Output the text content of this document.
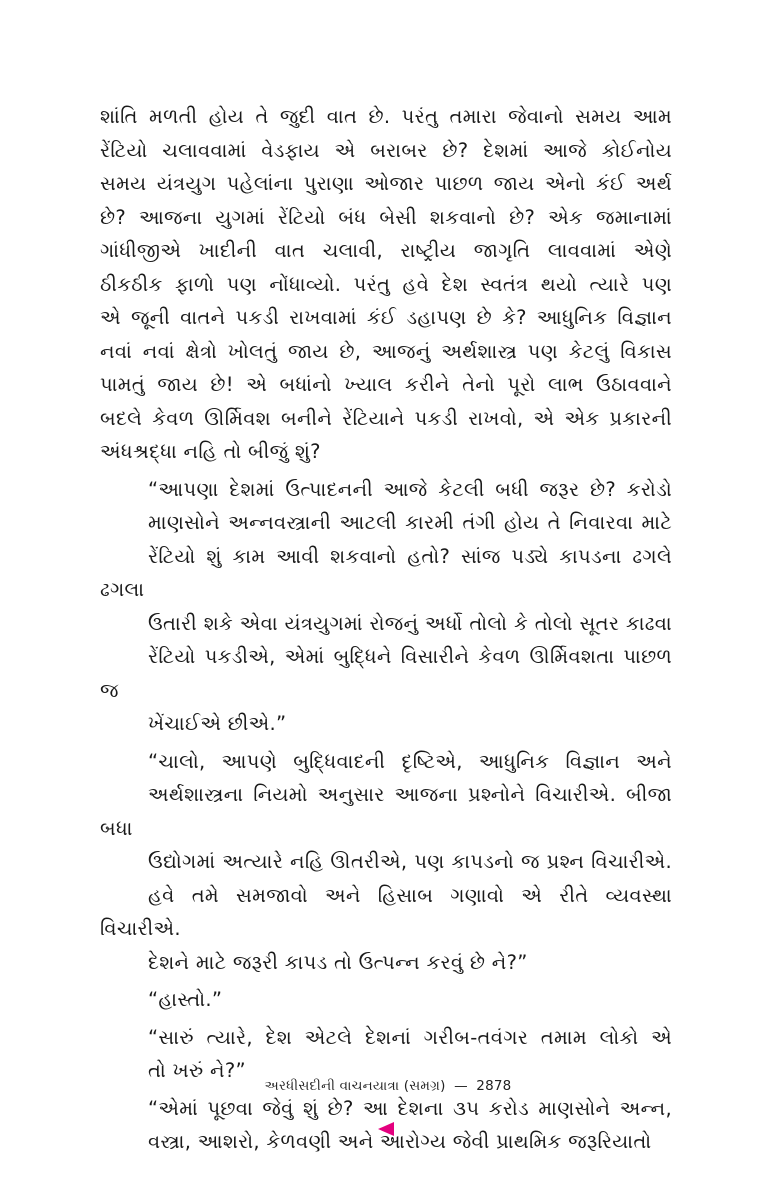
શાંતિ મળતી હોય તે જુદી વાત છે. પરંતુ તમારા જેવાનો સમય આમ
રેંટિયો ચલાવવામાં વેડફાય એ બરાબર છે? દેશમાં આજે કોઈનોય
સમય યંત્રયુગ પહેલાંના પુરાણા ઓજાર પાછળ જાય એનો કંઈ અર્થ
છે? આજના યુગમાં રેંટિયો બંધ બેસી શકવાનો છે? એક જમાનામાં
ગાંધીજીએ ખાદીની વાત ચલાવી, રાષ્ટ્રીય જાગૃતિ લાવવામાં એણે
ઠીકઠીક ફાળો પણ નોંધાવ્યો. પરંતુ હવે દેશ સ્વતંત્ર થયો ત્યારે પણ
એ જૂની વાતને પકડી રાખવામાં કંઈ ડહાપણ છે કે? આધુનિક વિજ્ઞાન
નવાં નવાં ક્ષેત્રો ખોલતું જાય છે, આજનું અર્થશાસ્ત્ર પણ કેટલું વિકાસ
પામતું જાય છે! એ બધાંનો ખ્યાલ કરીને તેનો પૂરો લાભ ઉઠાવવાને
બદલે કેવળ ઊર્મિવશ બનીને રેંટિયાને પકડી રાખવો, એ એક પ્રકારની
અંધશ્રદ્ધા નહિ તો બીજું શું?

“આપણા દેશમાં ઉત્પાદનની આજે કેટલી બધી જરૂર છે? કરોડો
માણસોને અન્નવસ્ત્રાની આટલી કારમી તંગી હોય તે નિવારવા માટે
રેંટિયો શું કામ આવી શકવાનો હતો? સાંજ પડ્યે કાપડના ઢગલે ઢગલા
ઉતારી શકે એવા યંત્રયુગમાં રોજનું અર્ધો તોલો કે તોલો સૂતર કાઢવા
રેંટિયો પકડીએ, એમાં બુદ્ધિને વિસારીને કેવળ ઊર્મિવશતા પાછળ જ
ખેંચાઈએ છીએ.”

“ચાલો, આપણે બુદ્ધિવાદની દૃષ્ટિએ, આધુનિક વિજ્ઞાન અને
અર્થશાસ્ત્રના નિયમો અનુસાર આજના પ્રશ્નોને વિચારીએ. બીજા બધા
ઉદ્યોગમાં અત્યારે નહિ ઊતરીએ, પણ કાપડનો જ પ્રશ્ન વિચારીએ.
હવે તમે સમજાવો અને હિસાબ ગણાવો એ રીતે વ્યવસ્થા વિચારીએ.
દેશને માટે જરૂરી કાપડ તો ઉત્પન્ન કરવું છે ને?”

“હાસ્તો.”

“સારું ત્યારે, દેશ એટલે દેશનાં ગરીબ-તવંગર તમામ લોકો એ
તો ખરું ને?”

“એમાં પૂછવા જેવું શું છે? આ દેશના ૩૫ કરોડ માણસોને અન્ન,
વસ્ત્રા, આશરો, કેળવણી અને આરોગ્ય જેવી પ્રાથમિક જરૂરિયાતો

અરધીસદીની વાચનયાત્રા (સમગ્ર) — 2878
